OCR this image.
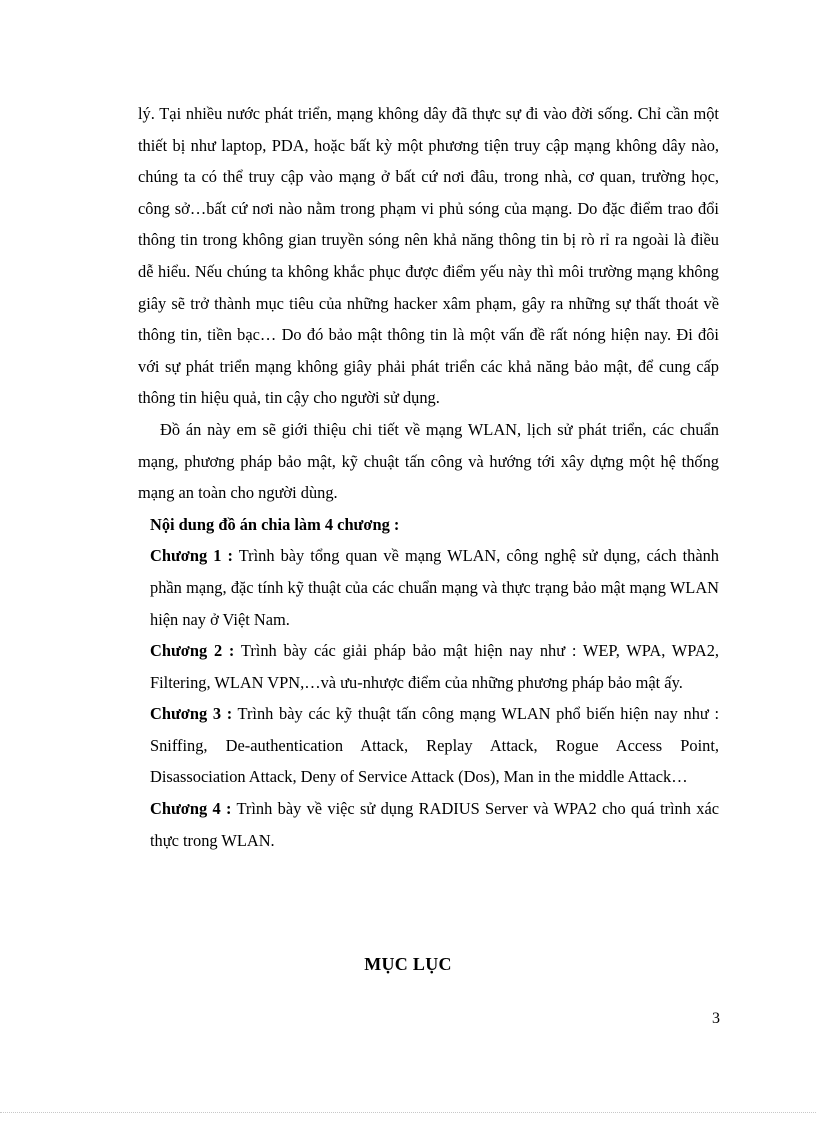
lý. Tại nhiều nước phát triển, mạng không dây đã thực sự đi vào đời sống. Chỉ cần một thiết bị như laptop, PDA, hoặc bất kỳ một phương tiện truy cập mạng không dây nào, chúng ta có thể truy cập vào mạng ở bất cứ nơi đâu, trong nhà, cơ quan, trường học, công sở…bất cứ nơi nào nằm trong phạm vi phủ sóng của mạng. Do đặc điểm trao đổi thông tin trong không gian truyền sóng nên khả năng thông tin bị rò rỉ ra ngoài là điều dễ hiểu. Nếu chúng ta không khắc phục được điểm yếu này thì môi trường mạng không giây sẽ trở thành mục tiêu của những hacker xâm phạm, gây ra những sự thất thoát về thông tin, tiền bạc… Do đó bảo mật thông tin là một vấn đề rất nóng hiện nay. Đi đôi với sự phát triển mạng không giây phải phát triển các khả năng bảo mật, để cung cấp thông tin hiệu quả, tin cậy cho người sử dụng.

Đồ án này em sẽ giới thiệu chi tiết về mạng WLAN, lịch sử phát triển, các chuẩn mạng, phương pháp bảo mật, kỹ chuật tấn công và hướng tới xây dựng một hệ thống mạng an toàn cho người dùng.

Nội dung đồ án chia làm 4 chương :

Chương 1 : Trình bày tổng quan về mạng WLAN, công nghệ sử dụng, cách thành phần mạng, đặc tính kỹ thuật của các chuẩn mạng và thực trạng bảo mật mạng WLAN hiện nay ở Việt Nam.

Chương 2 : Trình bày các giải pháp bảo mật hiện nay như : WEP, WPA, WPA2, Filtering, WLAN VPN,…và ưu-nhược điểm của những phương pháp bảo mật ấy.

Chương 3 : Trình bày các kỹ thuật tấn công mạng WLAN phổ biến hiện nay như : Sniffing, De-authentication Attack, Replay Attack, Rogue Access Point, Disassociation Attack, Deny of Service Attack (Dos), Man in the middle Attack…

Chương 4 : Trình bày về việc sử dụng RADIUS Server và WPA2 cho quá trình xác thực trong WLAN.

MỤC LỤC
3
